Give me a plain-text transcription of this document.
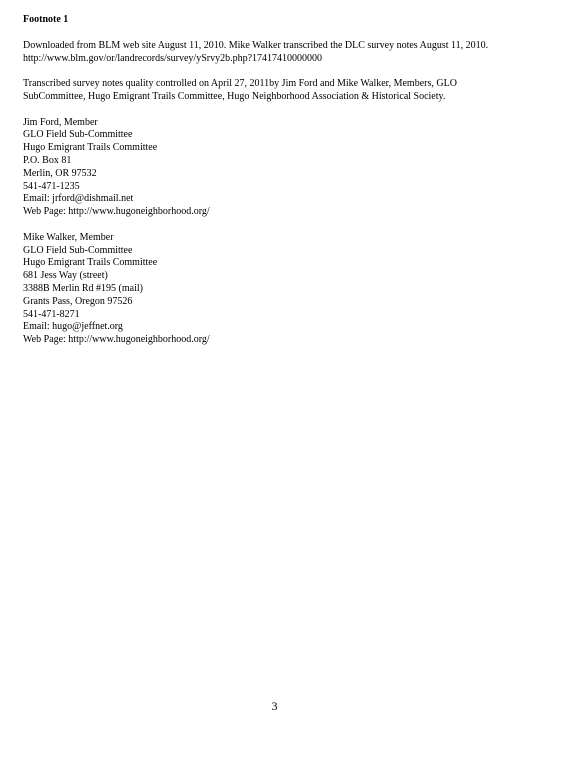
Footnote 1

Downloaded from BLM web site August 11, 2010. Mike Walker transcribed the DLC survey notes August 11, 2010.
http://www.blm.gov/or/landrecords/survey/ySrvy2b.php?17417410000000

Transcribed survey notes quality controlled on April 27, 2011by Jim Ford and Mike Walker, Members, GLO
SubCommittee, Hugo Emigrant Trails Committee, Hugo Neighborhood Association & Historical Society.

Jim Ford, Member
GLO Field Sub-Committee
Hugo Emigrant Trails Committee
P.O. Box 81
Merlin, OR 97532
541-471-1235
Email: jrford@dishmail.net
Web Page: http://www.hugoneighborhood.org/
Mike Walker, Member
GLO Field Sub-Committee
Hugo Emigrant Trails Committee
681 Jess Way (street)
3388B Merlin Rd #195 (mail)
Grants Pass, Oregon 97526
541-471-8271
Email: hugo@jeffnet.org
Web Page: http://www.hugoneighborhood.org/
3
